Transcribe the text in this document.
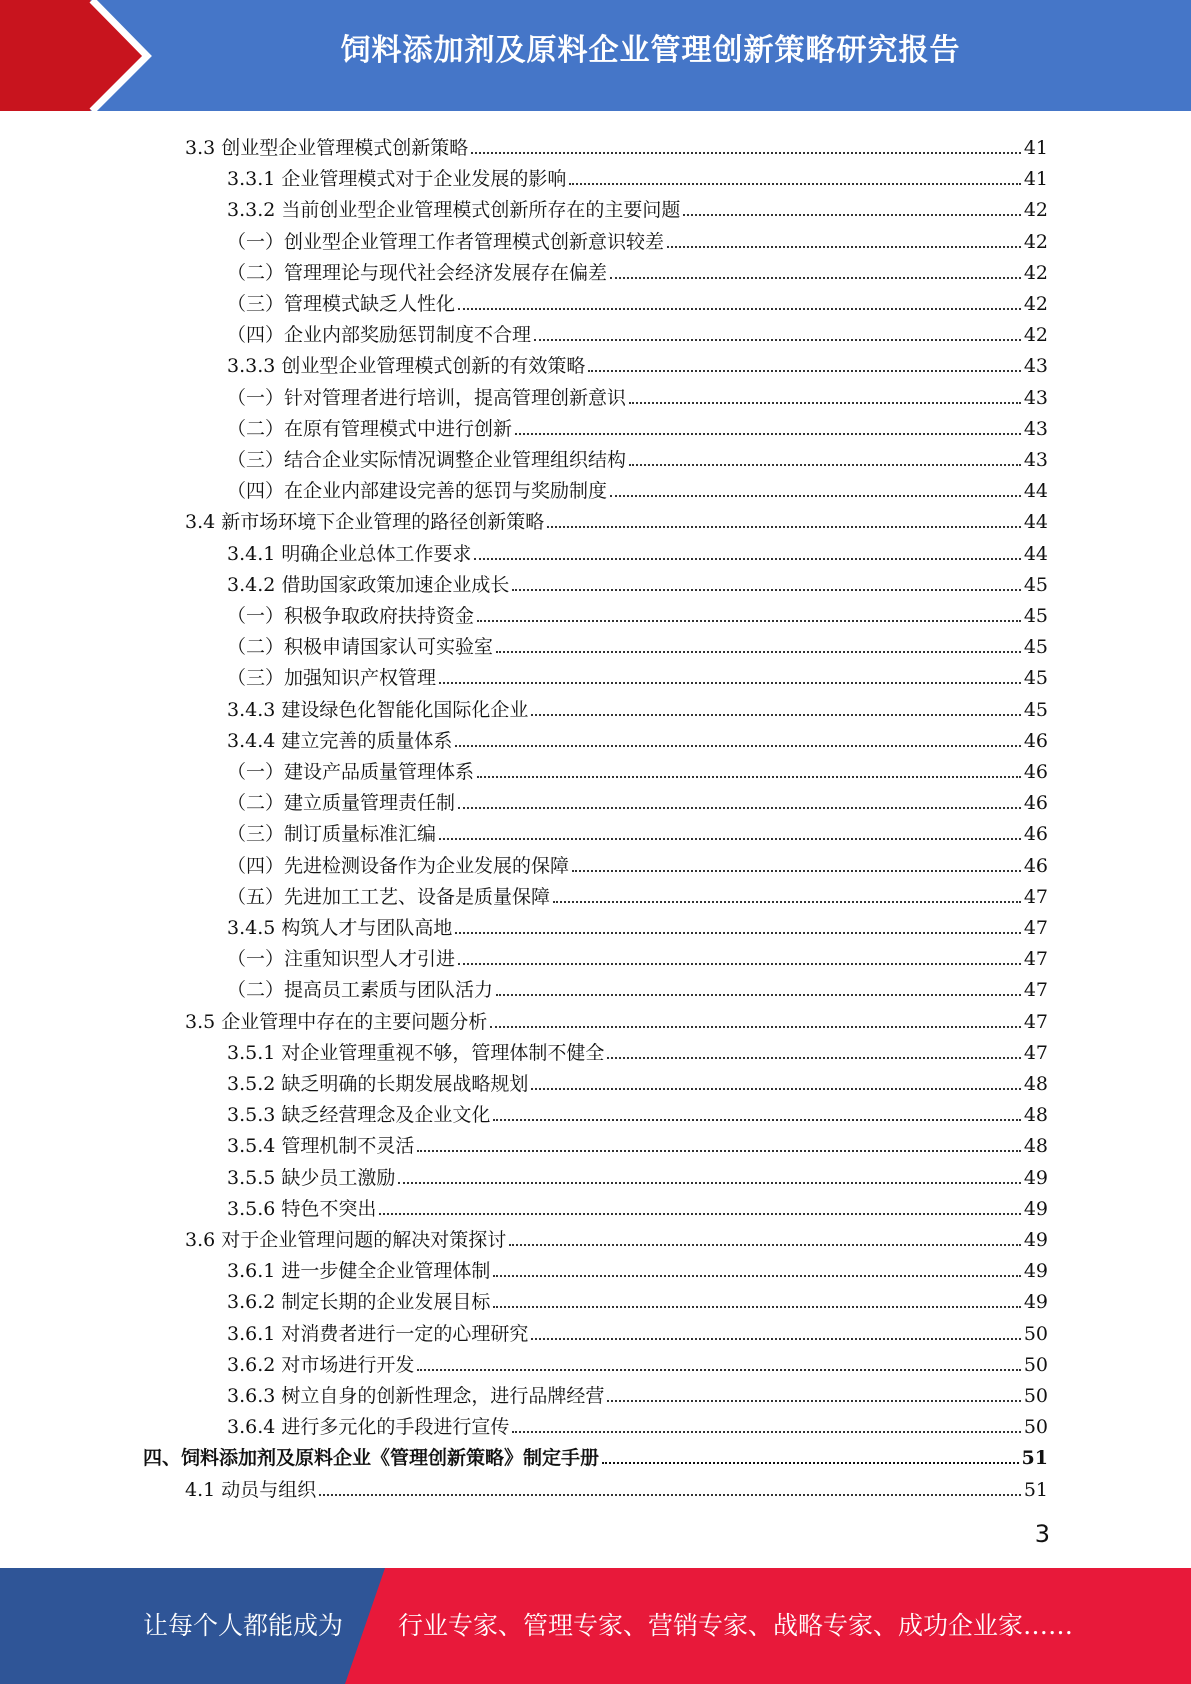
饲料添加剂及原料企业管理创新策略研究报告
3.3 创业型企业管理模式创新策略	41
3.3.1 企业管理模式对于企业发展的影响	41
3.3.2 当前创业型企业管理模式创新所存在的主要问题	42
（一）创业型企业管理工作者管理模式创新意识较差	42
（二）管理理论与现代社会经济发展存在偏差	42
（三）管理模式缺乏人性化	42
（四）企业内部奖励惩罚制度不合理	42
3.3.3 创业型企业管理模式创新的有效策略	43
（一）针对管理者进行培训，提高管理创新意识	43
（二）在原有管理模式中进行创新	43
（三）结合企业实际情况调整企业管理组织结构	43
（四）在企业内部建设完善的惩罚与奖励制度	44
3.4 新市场环境下企业管理的路径创新策略	44
3.4.1 明确企业总体工作要求	44
3.4.2 借助国家政策加速企业成长	45
（一）积极争取政府扶持资金	45
（二）积极申请国家认可实验室	45
（三）加强知识产权管理	45
3.4.3 建设绿色化智能化国际化企业	45
3.4.4 建立完善的质量体系	46
（一）建设产品质量管理体系	46
（二）建立质量管理责任制	46
（三）制订质量标准汇编	46
（四）先进检测设备作为企业发展的保障	46
（五）先进加工工艺、设备是质量保障	47
3.4.5 构筑人才与团队高地	47
（一）注重知识型人才引进	47
（二）提高员工素质与团队活力	47
3.5 企业管理中存在的主要问题分析	47
3.5.1 对企业管理重视不够，管理体制不健全	47
3.5.2 缺乏明确的长期发展战略规划	48
3.5.3 缺乏经营理念及企业文化	48
3.5.4 管理机制不灵活	48
3.5.5 缺少员工激励	49
3.5.6 特色不突出	49
3.6 对于企业管理问题的解决对策探讨	49
3.6.1 进一步健全企业管理体制	49
3.6.2 制定长期的企业发展目标	49
3.6.1 对消费者进行一定的心理研究	50
3.6.2 对市场进行开发	50
3.6.3 树立自身的创新性理念，进行品牌经营	50
3.6.4 进行多元化的手段进行宣传	50
四、饲料添加剂及原料企业《管理创新策略》制定手册	51
4.1 动员与组织	51
3
让每个人都能成为 行业专家、管理专家、营销专家、战略专家、成功企业家……
